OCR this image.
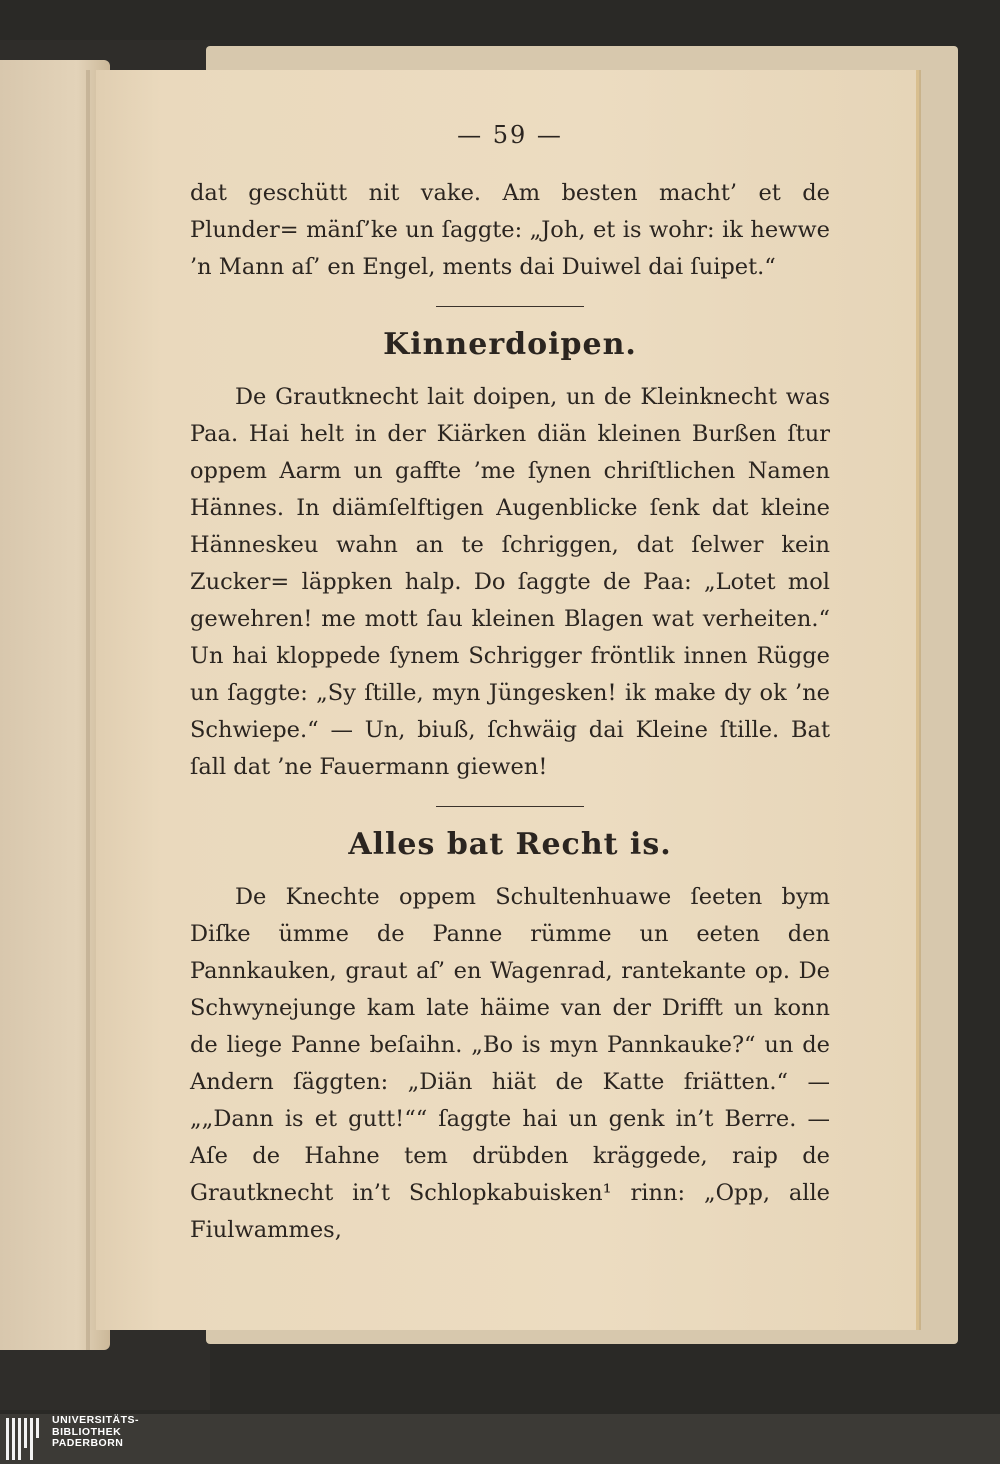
— 59 —

dat geschütt nit vake. Am besten macht’ et de Plunder= mänſ’ke un ſaggte: „Joh, et is wohr: ik hewwe ’n Mann aſ’ en Engel, ments dai Duiwel dai ſuipet.“

Kinnerdoipen.

De Grautknecht lait doipen, un de Kleinknecht was Paa. Hai helt in der Kiärken diän kleinen Burßen ſtur oppem Aarm un gaffte ’me ſynen chriſtlichen Namen Hännes. In diämſelftigen Augenblicke ſenk dat kleine Hänneskeu wahn an te ſchriggen, dat ſelwer kein Zucker= läppken halp. Do ſaggte de Paa: „Lotet mol gewehren! me mott ſau kleinen Blagen wat verheiten.“ Un hai kloppede ſynem Schrigger fröntlik innen Rügge un ſaggte: „Sy ſtille, myn Jüngesken! ik make dy ok ’ne Schwiepe.“ — Un, biuß, ſchwäig dai Kleine ſtille. Bat ſall dat ’ne Fauermann giewen!

Alles bat Recht is.

De Knechte oppem Schultenhuawe ſeeten bym Diſke ümme de Panne rümme un eeten den Pannkauken, graut aſ’ en Wagenrad, rantekante op. De Schwynejunge kam late häime van der Drifft un konn de liege Panne beſaihn. „Bo is myn Pannkauke?“ un de Andern ſäggten: „Diän hiät de Katte friätten.“ — „„Dann is et gutt!““ ſaggte hai un genk in’t Berre. — Aſe de Hahne tem drübden kräggede, raip de Grautknecht in’t Schlopkabuisken¹ rinn: „Opp, alle Fiulwammes,

UNIVERSITÄTS-
BIBLIOTHEK
PADERBORN
